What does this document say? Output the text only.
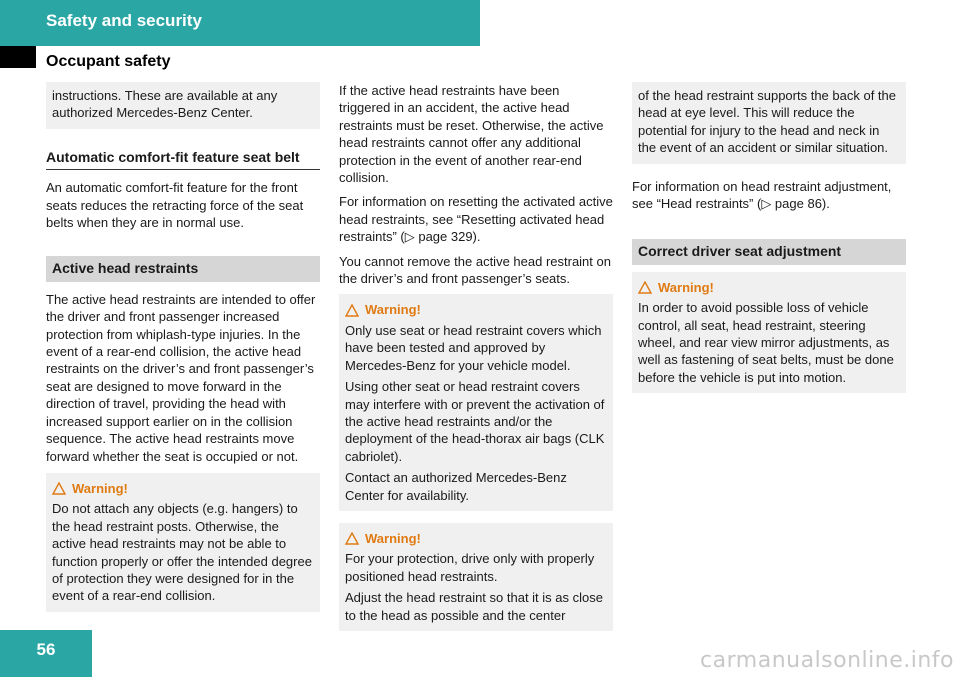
Safety and security
Occupant safety

instructions. These are available at any authorized Mercedes-Benz Center.

Automatic comfort-fit feature seat belt

An automatic comfort-fit feature for the front seats reduces the retracting force of the seat belts when they are in normal use.

Active head restraints

The active head restraints are intended to offer the driver and front passenger increased protection from whiplash-type injuries. In the event of a rear-end collision, the active head restraints on the driver’s and front passenger’s seat are designed to move forward in the direction of travel, providing the head with increased support earlier on in the collision sequence. The active head restraints move forward whether the seat is occupied or not.

Warning!

Do not attach any objects (e.g. hangers) to the head restraint posts. Otherwise, the active head restraints may not be able to function properly or offer the intended degree of protection they were designed for in the event of a rear-end collision.

If the active head restraints have been triggered in an accident, the active head restraints must be reset. Otherwise, the active head restraints cannot offer any additional protection in the event of another rear-end collision.

For information on resetting the activated active head restraints, see “Resetting activated head restraints” (▷ page 329).

You cannot remove the active head restraint on the driver’s and front passenger’s seats.

Warning!

Only use seat or head restraint covers which have been tested and approved by Mercedes-Benz for your vehicle model.

Using other seat or head restraint covers may interfere with or prevent the activation of the active head restraints and/or the deployment of the head-thorax air bags (CLK cabriolet).

Contact an authorized Mercedes-Benz Center for availability.

Warning!

For your protection, drive only with properly positioned head restraints.

Adjust the head restraint so that it is as close to the head as possible and the center

of the head restraint supports the back of the head at eye level. This will reduce the potential for injury to the head and neck in the event of an accident or similar situation.

For information on head restraint adjustment, see “Head restraints” (▷ page 86).

Correct driver seat adjustment

Warning!

In order to avoid possible loss of vehicle control, all seat, head restraint, steering wheel, and rear view mirror adjustments, as well as fastening of seat belts, must be done before the vehicle is put into motion.

56	carmanualsonline.info
